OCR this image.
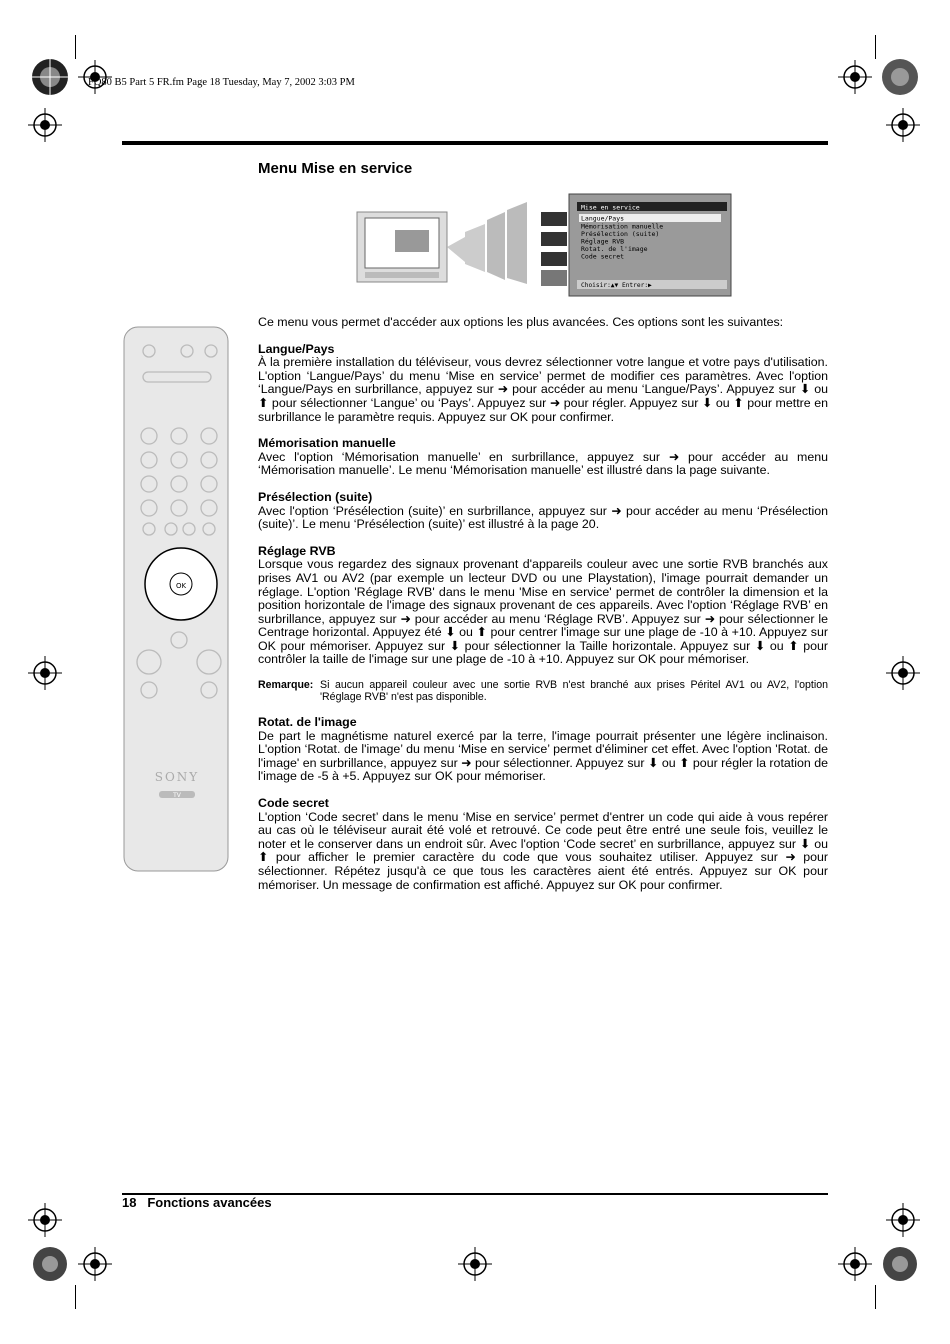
FQ80 B5 Part 5 FR.fm Page 18 Tuesday, May 7, 2002 3:03 PM
Menu Mise en service
Mise en service
Langue/Pays
Mémorisation manuelle
Présélection (suite)
Réglage RVB
Rotat. de l'image
Code secret
Choisir:▲▼ Entrer:▶
OK
SONY
TV

Ce menu vous permet d'accéder aux options les plus avancées. Ces options sont les suivantes:

Langue/Pays

À la première installation du téléviseur, vous devrez sélectionner votre langue et votre pays d'utilisation. L'option ‘Langue/Pays’ du menu ‘Mise en service’ permet de modifier ces paramètres. Avec l'option ‘Langue/Pays en surbrillance, appuyez sur ➜ pour accéder au menu ‘Langue/Pays’. Appuyez sur ⬇ ou ⬆ pour sélectionner ‘Langue’ ou ‘Pays’. Appuyez sur ➜ pour régler. Appuyez sur ⬇ ou ⬆ pour mettre en surbrillance le paramètre requis. Appuyez sur OK pour confirmer.

Mémorisation manuelle

Avec l'option ‘Mémorisation manuelle’ en surbrillance, appuyez sur ➜ pour accéder au menu ‘Mémorisation manuelle’. Le menu ‘Mémorisation manuelle’ est illustré dans la page suivante.

Présélection (suite)

Avec l'option ‘Présélection (suite)’ en surbrillance, appuyez sur ➜ pour accéder au menu ‘Présélection (suite)’. Le menu ‘Présélection (suite)’ est illustré à la page 20.

Réglage RVB

Lorsque vous regardez des signaux provenant d'appareils couleur avec une sortie RVB branchés aux prises AV1 ou AV2 (par exemple un lecteur DVD ou une Playstation), l'image pourrait demander un réglage. L'option 'Réglage RVB' dans le menu 'Mise en service' permet de contrôler la dimension et la position horizontale de l'image des signaux provenant de ces appareils. Avec l'option ‘Réglage RVB’ en surbrillance, appuyez sur ➜ pour accéder au menu ‘Réglage RVB’. Appuyez sur ➜ pour sélectionner le Centrage horizontal. Appuyez été ⬇ ou ⬆ pour centrer l'image sur une plage de -10 à +10. Appuyez sur OK pour mémoriser. Appuyez sur ⬇ pour sélectionner la Taille horizontale. Appuyez sur ⬇ ou ⬆ pour contrôler la taille de l'image sur une plage de -10 à +10. Appuyez sur OK pour mémoriser.

Remarque: Si aucun appareil couleur avec une sortie RVB n'est branché aux prises Péritel AV1 ou AV2, l'option 'Réglage RVB' n'est pas disponible.
Rotat. de l'image

De part le magnétisme naturel exercé par la terre, l'image pourrait présenter une légère inclinaison. L'option ‘Rotat. de l'image’ du menu ‘Mise en service’ permet d'éliminer cet effet. Avec l'option 'Rotat. de l'image' en surbrillance, appuyez sur ➜ pour sélectionner. Appuyez sur ⬇ ou ⬆ pour régler la rotation de l'image de -5 à +5. Appuyez sur OK pour mémoriser.

Code secret

L'option ‘Code secret’ dans le menu ‘Mise en service’ permet d'entrer un code qui aide à vous repérer au cas où le téléviseur aurait été volé et retrouvé. Ce code peut être entré une seule fois, veuillez le noter et le conserver dans un endroit sûr. Avec l'option ‘Code secret’ en surbrillance, appuyez sur ⬇ ou ⬆ pour afficher le premier caractère du code que vous souhaitez utiliser. Appuyez sur ➜ pour sélectionner. Répétez jusqu'à ce que tous les caractères aient été entrés. Appuyez sur OK pour mémoriser. Un message de confirmation est affiché. Appuyez sur OK pour confirmer.

18 Fonctions avancées
